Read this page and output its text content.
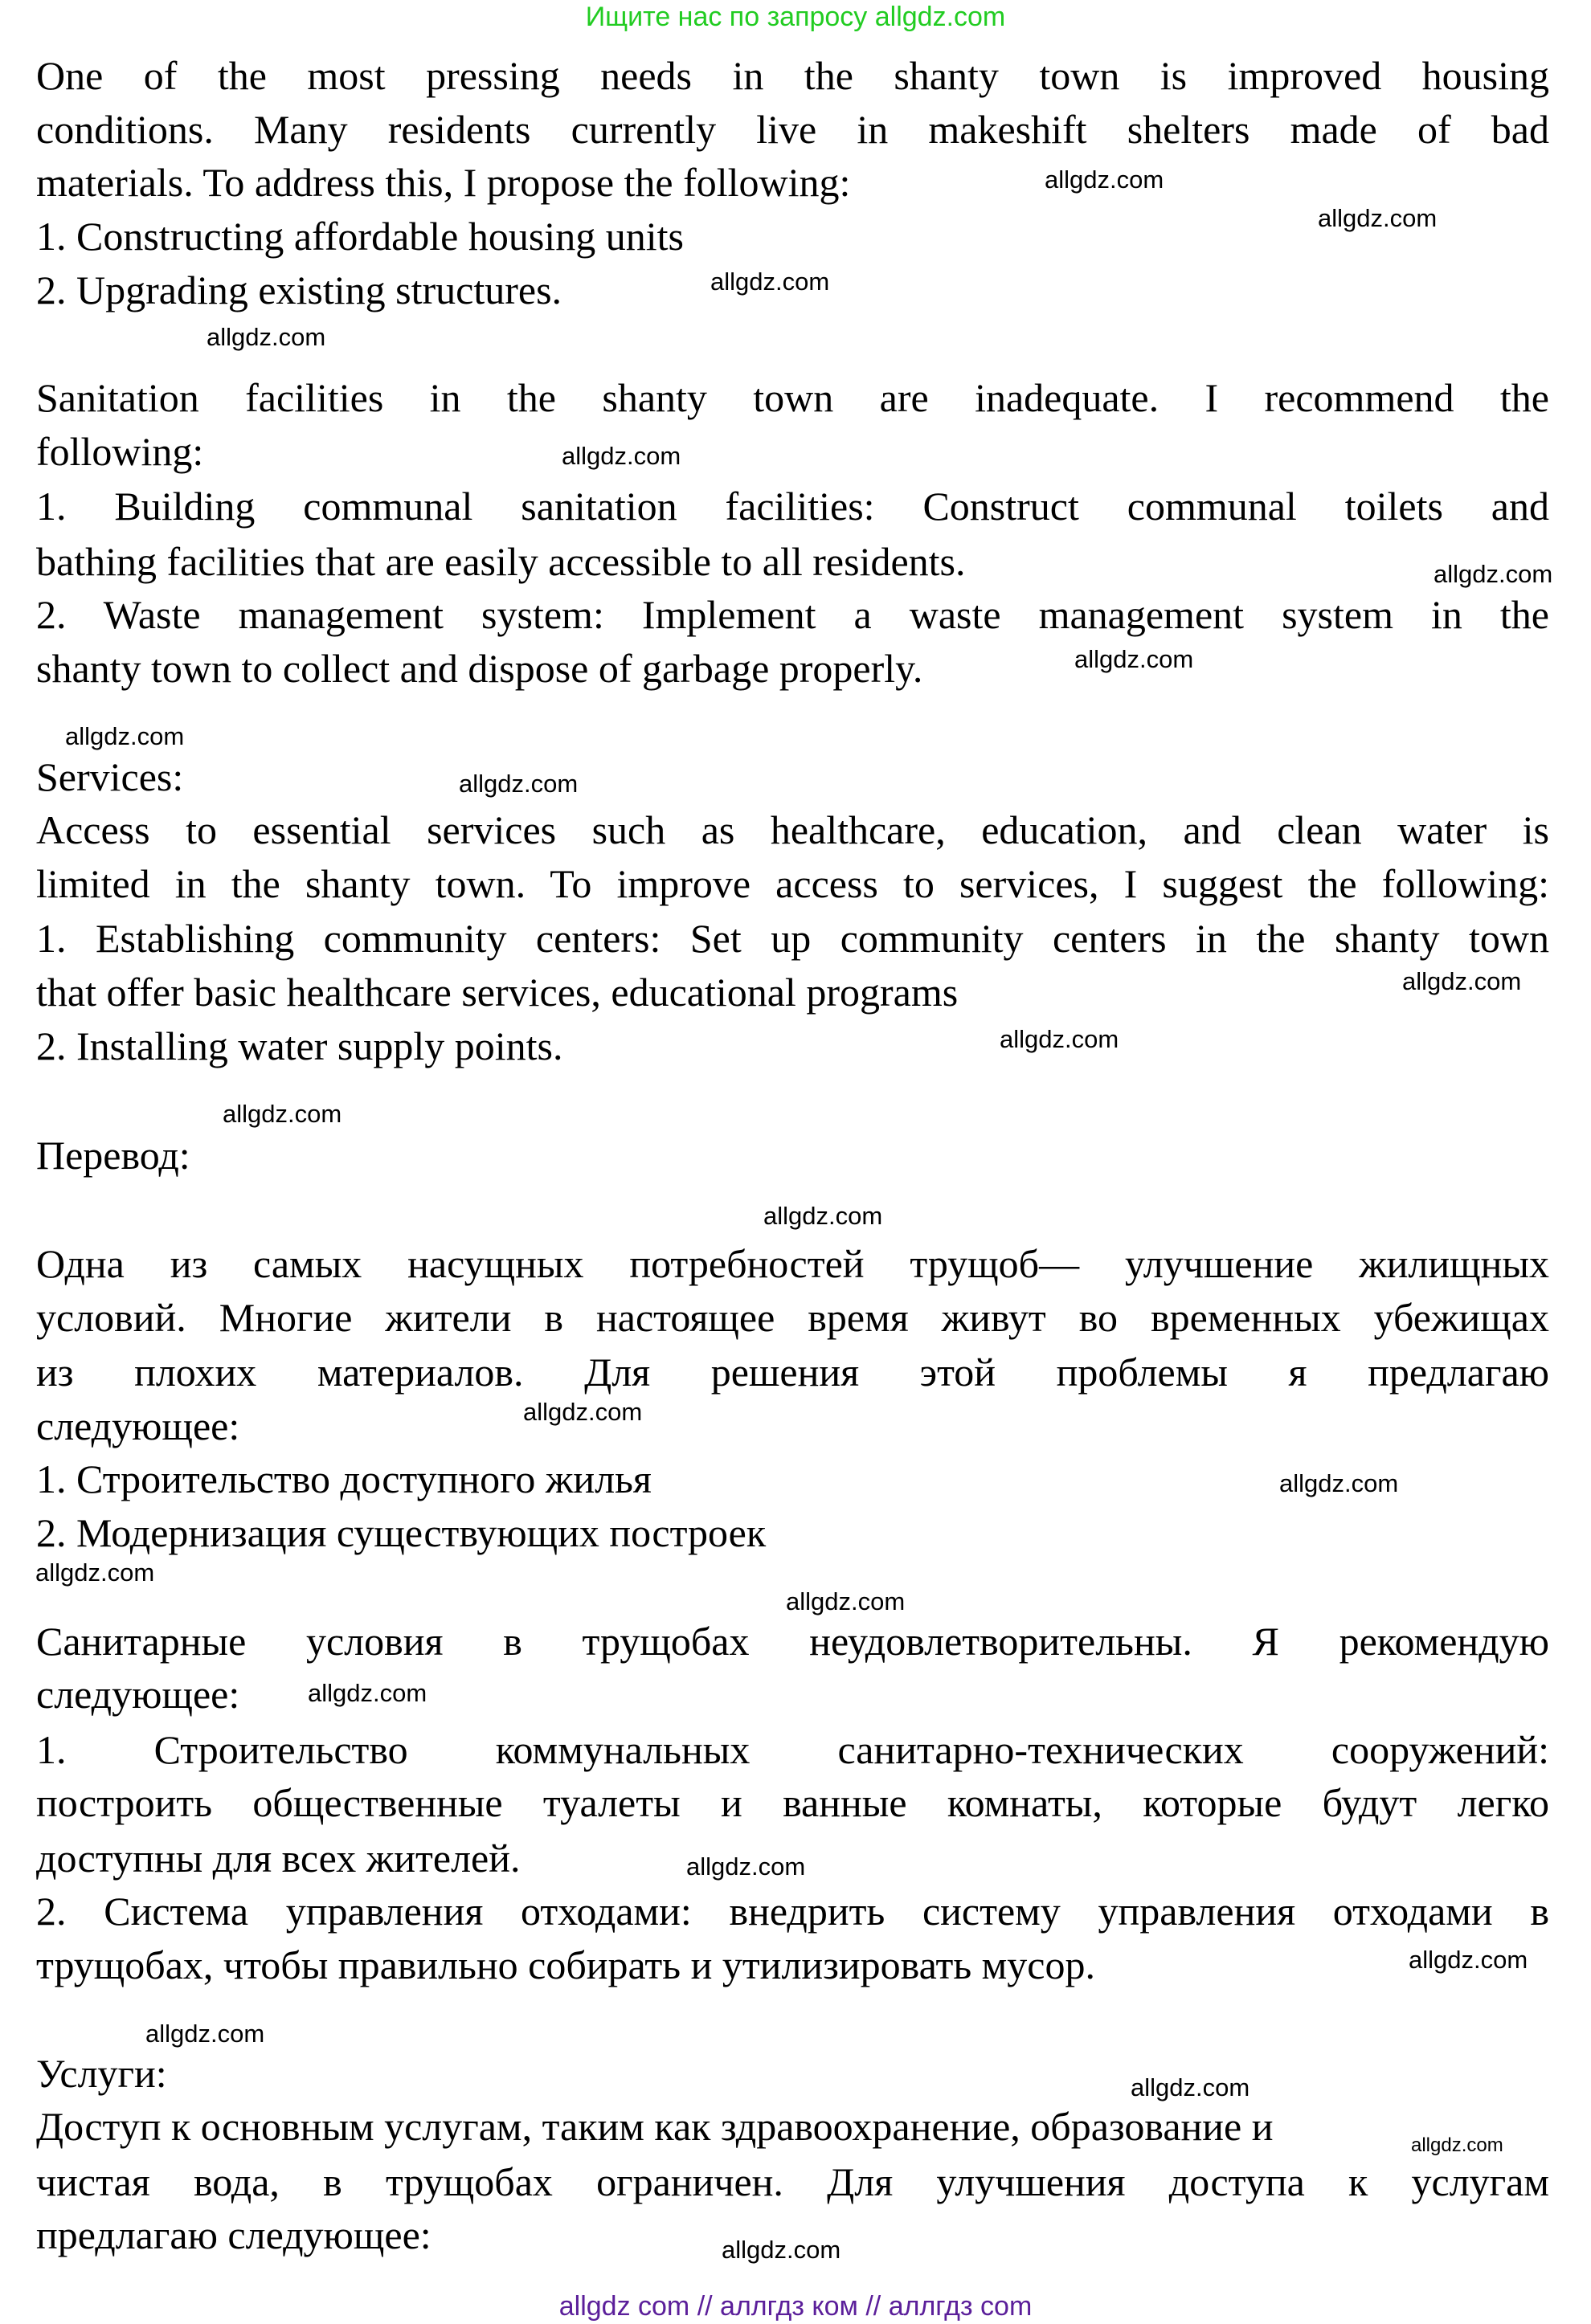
Ищите нас по запросу allgdz.com
One of the most pressing needs in the shanty town is improved housing
conditions. Many residents currently live in makeshift shelters made of bad
materials. To address this, I propose the following:
1. Constructing affordable housing units
2. Upgrading existing structures.
Sanitation facilities in the shanty town are inadequate. I recommend the
following:
1. Building communal sanitation facilities: Construct communal toilets and
bathing facilities that are easily accessible to all residents.
2. Waste management system: Implement a waste management system in the
shanty town to collect and dispose of garbage properly.
Services:
Access to essential services such as healthcare, education, and clean water is
limited in the shanty town. To improve access to services, I suggest the following:
1. Establishing community centers: Set up community centers in the shanty town
that offer basic healthcare services, educational programs
2. Installing water supply points.
Перевод:
Одна из самых насущных потребностей трущоб— улучшение жилищных
условий. Многие жители в настоящее время живут во временных убежищах
из плохих материалов. Для решения этой проблемы я предлагаю
следующее:
1. Строительство доступного жилья
2. Модернизация существующих построек
Санитарные условия в трущобах неудовлетворительны. Я рекомендую
следующее:
1. Строительство коммунальных санитарно-технических сооружений:
построить общественные туалеты и ванные комнаты, которые будут легко
доступны для всех жителей.
2. Система управления отходами: внедрить систему управления отходами в
трущобах, чтобы правильно собирать и утилизировать мусор.
Услуги:
Доступ к основным услугам, таким как здравоохранение, образование и
чистая вода, в трущобах ограничен. Для улучшения доступа к услугам
предлагаю следующее:
allgdz.com
allgdz.com
allgdz.com
allgdz.com
allgdz.com
allgdz.com
allgdz.com
allgdz.com
allgdz.com
allgdz.com
allgdz.com
allgdz.com
allgdz.com
allgdz.com
allgdz.com
allgdz.com
allgdz.com
allgdz.com
allgdz.com
allgdz.com
allgdz.com
allgdz.com
allgdz.com
allgdz.com
allgdz com // аллгдз ком // аллгдз com
